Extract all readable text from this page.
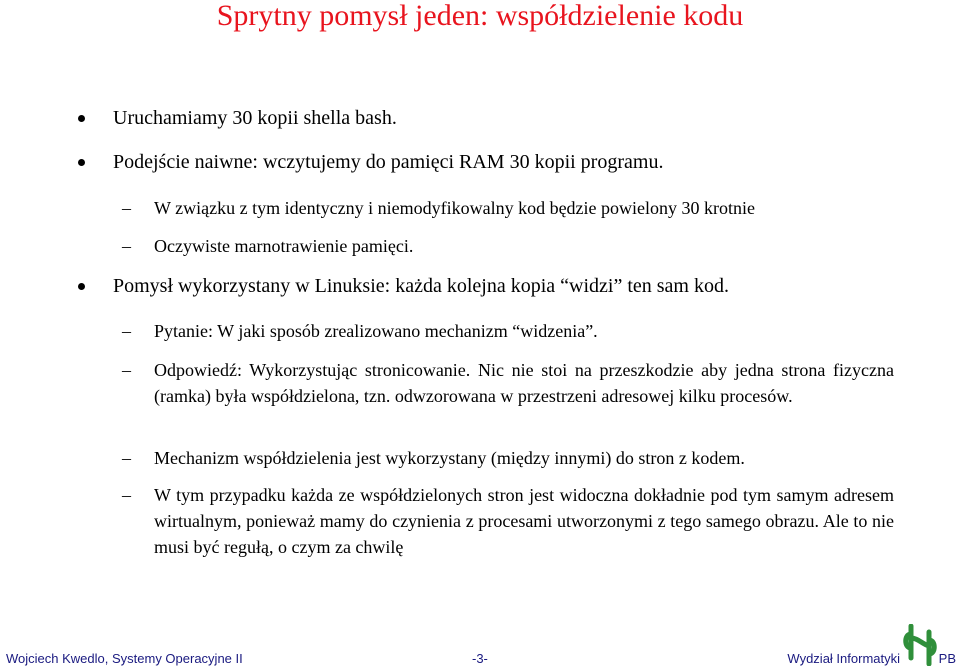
Sprytny pomysł jeden: współdzielenie kodu
Uruchamiamy 30 kopii shella bash.
Podejście naiwne: wczytujemy do pamięci RAM 30 kopii programu.
–	W związku z tym identyczny i niemodyfikowalny kod będzie powielony 30 krotnie
–	Oczywiste marnotrawienie pamięci.
Pomysł wykorzystany w Linuksie: każda kolejna kopia “widzi” ten sam kod.
–	Pytanie: W jaki sposób zrealizowano mechanizm “widzenia”.
–	Odpowiedź: Wykorzystując stronicowanie. Nic nie stoi na przeszkodzie aby jedna strona fizyczna (ramka) była współdzielona, tzn. odwzorowana w przestrzeni adresowej kilku procesów.
–	Mechanizm współdzielenia jest wykorzystany (między innymi) do stron z kodem.
–	W tym przypadku każda ze współdzielonych stron jest widoczna dokładnie pod tym samym adresem wirtualnym, ponieważ mamy do czynienia z procesami utworzonymi z tego samego obrazu. Ale to nie musi być regułą, o czym za chwilę
Wojciech Kwedlo, Systemy Operacyjne II	-3-	Wydział Informatyki	PB
